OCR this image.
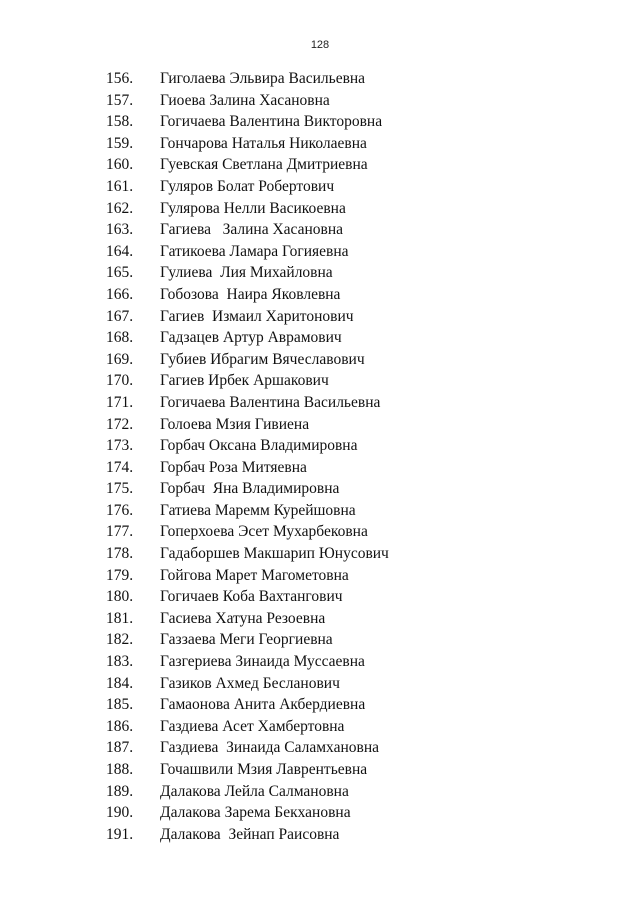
128
156. Гиголаева Эльвира Васильевна
157. Гиоева Залина Хасановна
158. Гогичаева Валентина Викторовна
159. Гончарова Наталья Николаевна
160. Гуевская Светлана Дмитриевна
161. Гуляров Болат Робертович
162. Гулярова Нелли Васикоевна
163. Гагиева   Залина Хасановна
164. Гатикоева Ламара Гогияевна
165. Гулиева  Лия Михайловна
166. Гобозова  Наира Яковлевна
167. Гагиев  Измаил Харитонович
168. Гадзацев Артур Аврамович
169. Губиев Ибрагим Вячеславович
170. Гагиев Ирбек Аршакович
171. Гогичаева Валентина Васильевна
172. Голоева Мзия Гивиена
173. Горбач Оксана Владимировна
174. Горбач Роза Митяевна
175. Горбач  Яна Владимировна
176. Гатиева Маремм Курейшовна
177. Гоперхоева Эсет Мухарбековна
178. Гадаборшев Макшарип Юнусович
179. Гойгова Марет Магометовна
180. Гогичаев Коба Вахтангович
181. Гасиева Хатуна Резоевна
182. Газзаева Меги Георгиевна
183. Газгериева Зинаида Муссаевна
184. Газиков Ахмед Бесланович
185. Гамаонова Анита Акбердиевна
186. Газдиева Асет Хамбертовна
187. Газдиева  Зинаида Саламхановна
188. Гочашвили Мзия Лаврентьевна
189. Далакова Лейла Салмановна
190. Далакова Зарема Бекхановна
191. Далакова  Зейнап Раисовна
